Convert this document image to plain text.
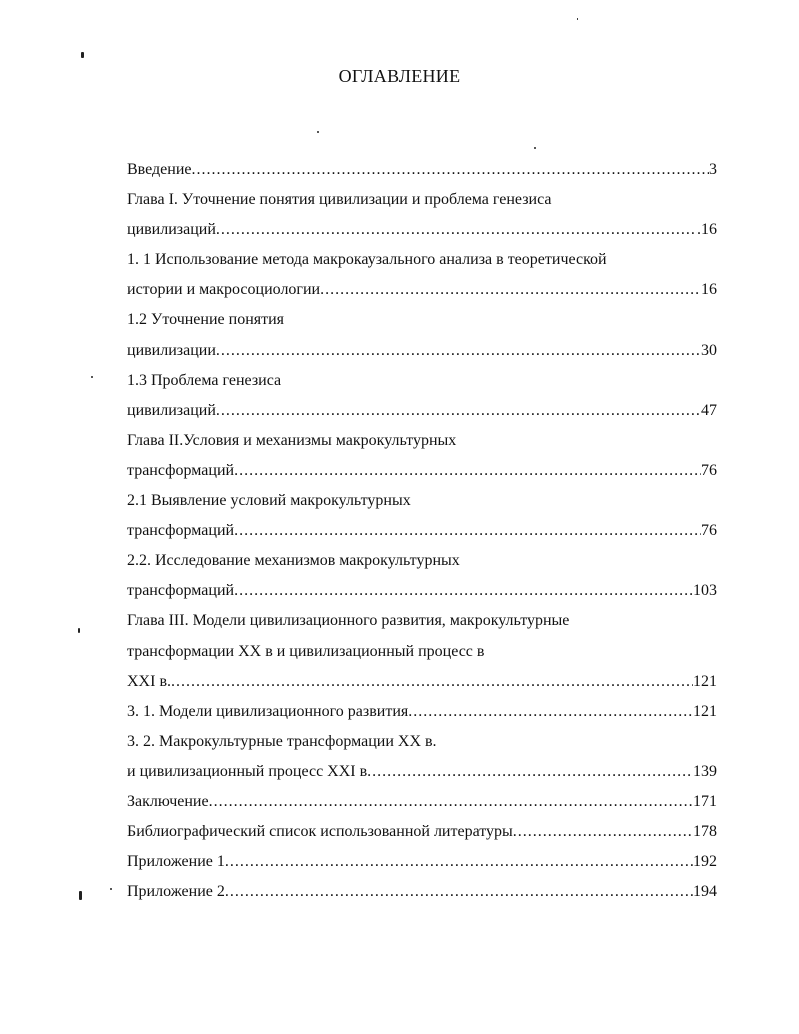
ОГЛАВЛЕНИЕ
Введение .....	3
Глава I. Уточнение понятия цивилизации и проблема генезиса
цивилизаций .....	.16
1. 1 Использование метода макрокаузального анализа в теоретической
истории и макросоциологии .....	16
1.2 Уточнение понятия
цивилизации .....	30
1.3 Проблема генезиса
цивилизаций .....	47
Глава II.Условия и механизмы макрокультурных
трансформаций .....	76
2.1 Выявление условий макрокультурных
трансформаций .....	76
2.2. Исследование механизмов макрокультурных
трансформаций .....	103
Глава III. Модели цивилизационного развития, макрокультурные
трансформации XX в и цивилизационный процесс в
XXI в. .....	121
3. 1. Модели цивилизационного развития .....	121
3. 2. Макрокультурные трансформации XX в.
и цивилизационный процесс XXI в .....	139
Заключение .....	171
Библиографический список использованной литературы .....	178
Приложение 1 .....	192
Приложение 2 .....	194
